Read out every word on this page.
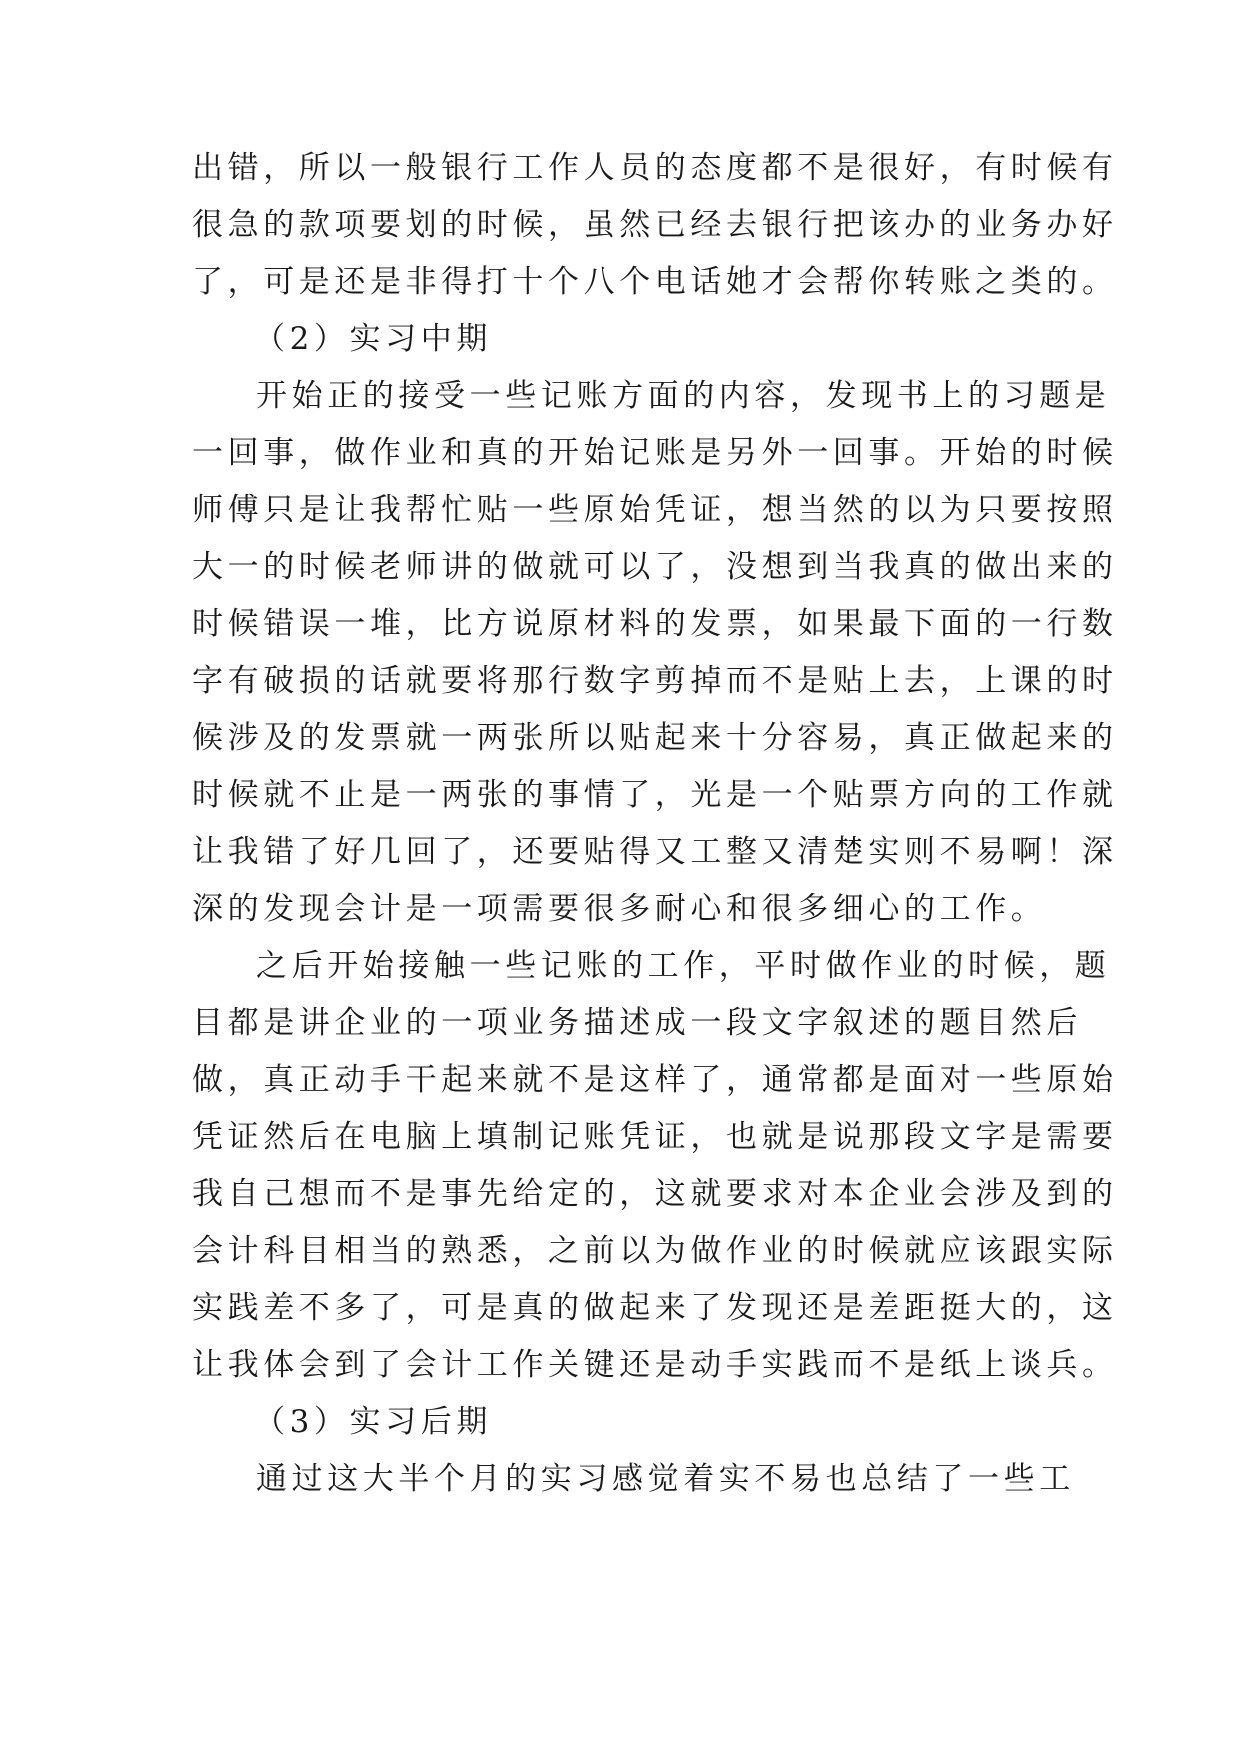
出错，所以一般银行工作人员的态度都不是很好，有时候有
很急的款项要划的时候，虽然已经去银行把该办的业务办好
了，可是还是非得打十个八个电话她才会帮你转账之类的。
（2）实习中期
开始正的接受一些记账方面的内容，发现书上的习题是
一回事，做作业和真的开始记账是另外一回事。开始的时候
师傅只是让我帮忙贴一些原始凭证，想当然的以为只要按照
大一的时候老师讲的做就可以了，没想到当我真的做出来的
时候错误一堆，比方说原材料的发票，如果最下面的一行数
字有破损的话就要将那行数字剪掉而不是贴上去，上课的时
候涉及的发票就一两张所以贴起来十分容易，真正做起来的
时候就不止是一两张的事情了，光是一个贴票方向的工作就
让我错了好几回了，还要贴得又工整又清楚实则不易啊！深
深的发现会计是一项需要很多耐心和很多细心的工作。
之后开始接触一些记账的工作，平时做作业的时候，题
目都是讲企业的一项业务描述成一段文字叙述的题目然后
做，真正动手干起来就不是这样了，通常都是面对一些原始
凭证然后在电脑上填制记账凭证，也就是说那段文字是需要
我自己想而不是事先给定的，这就要求对本企业会涉及到的
会计科目相当的熟悉，之前以为做作业的时候就应该跟实际
实践差不多了，可是真的做起来了发现还是差距挺大的，这
让我体会到了会计工作关键还是动手实践而不是纸上谈兵。
（3）实习后期
通过这大半个月的实习感觉着实不易也总结了一些工
